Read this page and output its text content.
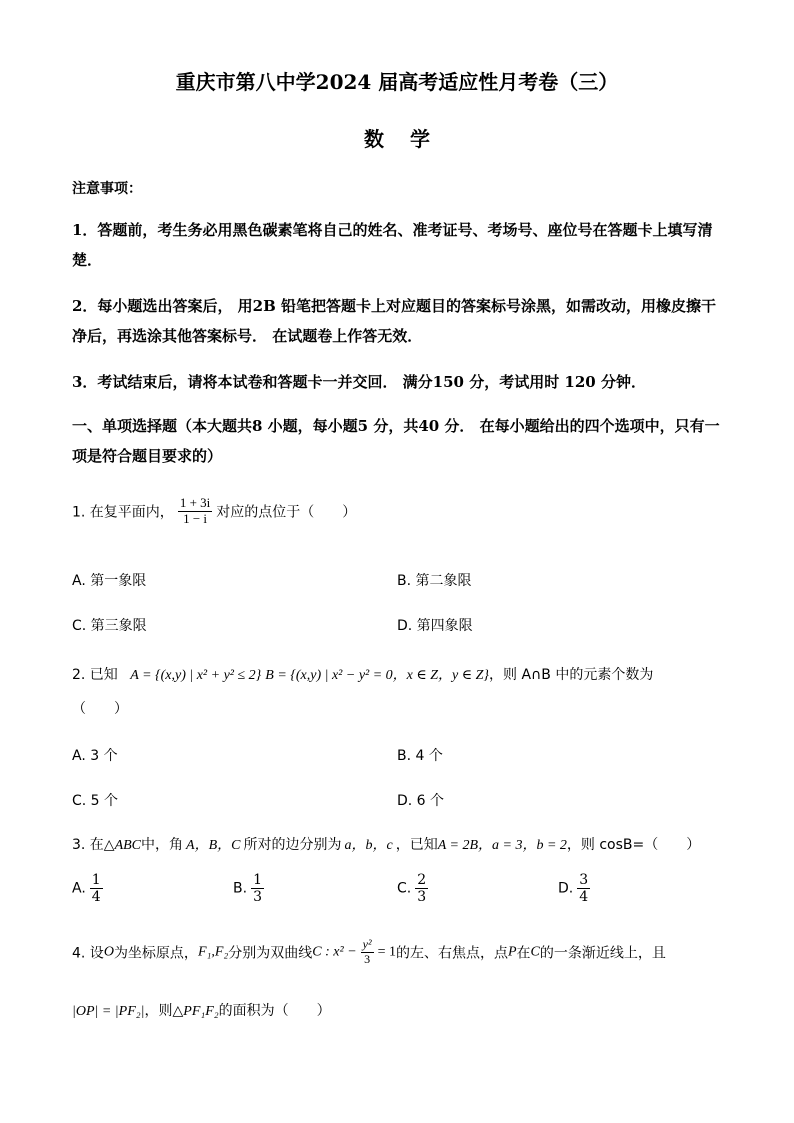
重庆市第八中学2024 届高考适应性月考卷（三）
数学
注意事项：
1．答题前，考生务必用黑色碳素笔将自己的姓名、准考证号、考场号、座位号在答题卡上填写清楚．
2．每小题选出答案后， 用2B 铅笔把答题卡上对应题目的答案标号涂黑，如需改动，用橡皮擦干净后，再选涂其他答案标号． 在试题卷上作答无效．
3．考试结束后，请将本试卷和答题卡一并交回． 满分150 分，考试用时 120 分钟．
一、单项选择题（本大题共8 小题，每小题5 分，共40 分． 在每小题给出的四个选项中，只有一项是符合题目要求的）
1. 在复平面内， $\frac{1 + 3i}{1 - i}$ 对应的点位于（　　）
A. 第一象限	B. 第二象限
C. 第三象限	D. 第四象限
2. 已知 A = {(x,y) | x² + y² ≤ 2} B = {(x,y) | x² − y² = 0，x ∈ Z，y ∈ Z}，则 A∩B 中的元素个数为
（　　）
A. 3 个	B. 4 个
C. 5 个	D. 6 个
3. 在△ABC中，角 A，B，C 所对的边分别为 a，b，c ，已知A = 2B，a = 3，b = 2，则 cosB=（　　）
A. $\frac{1}{4}$	B. $\frac{1}{3}$	C. $\frac{2}{3}$	D. $\frac{3}{4}$
4. 设O为坐标原点，F₁,F₂分别为双曲线C : $x^2 - \frac{\text{y²}}{3} = 1$的左、右焦点，点P在C的一条渐近线上，且
|OP| = |PF₂|，则△PF₁F₂的面积为（　　）
